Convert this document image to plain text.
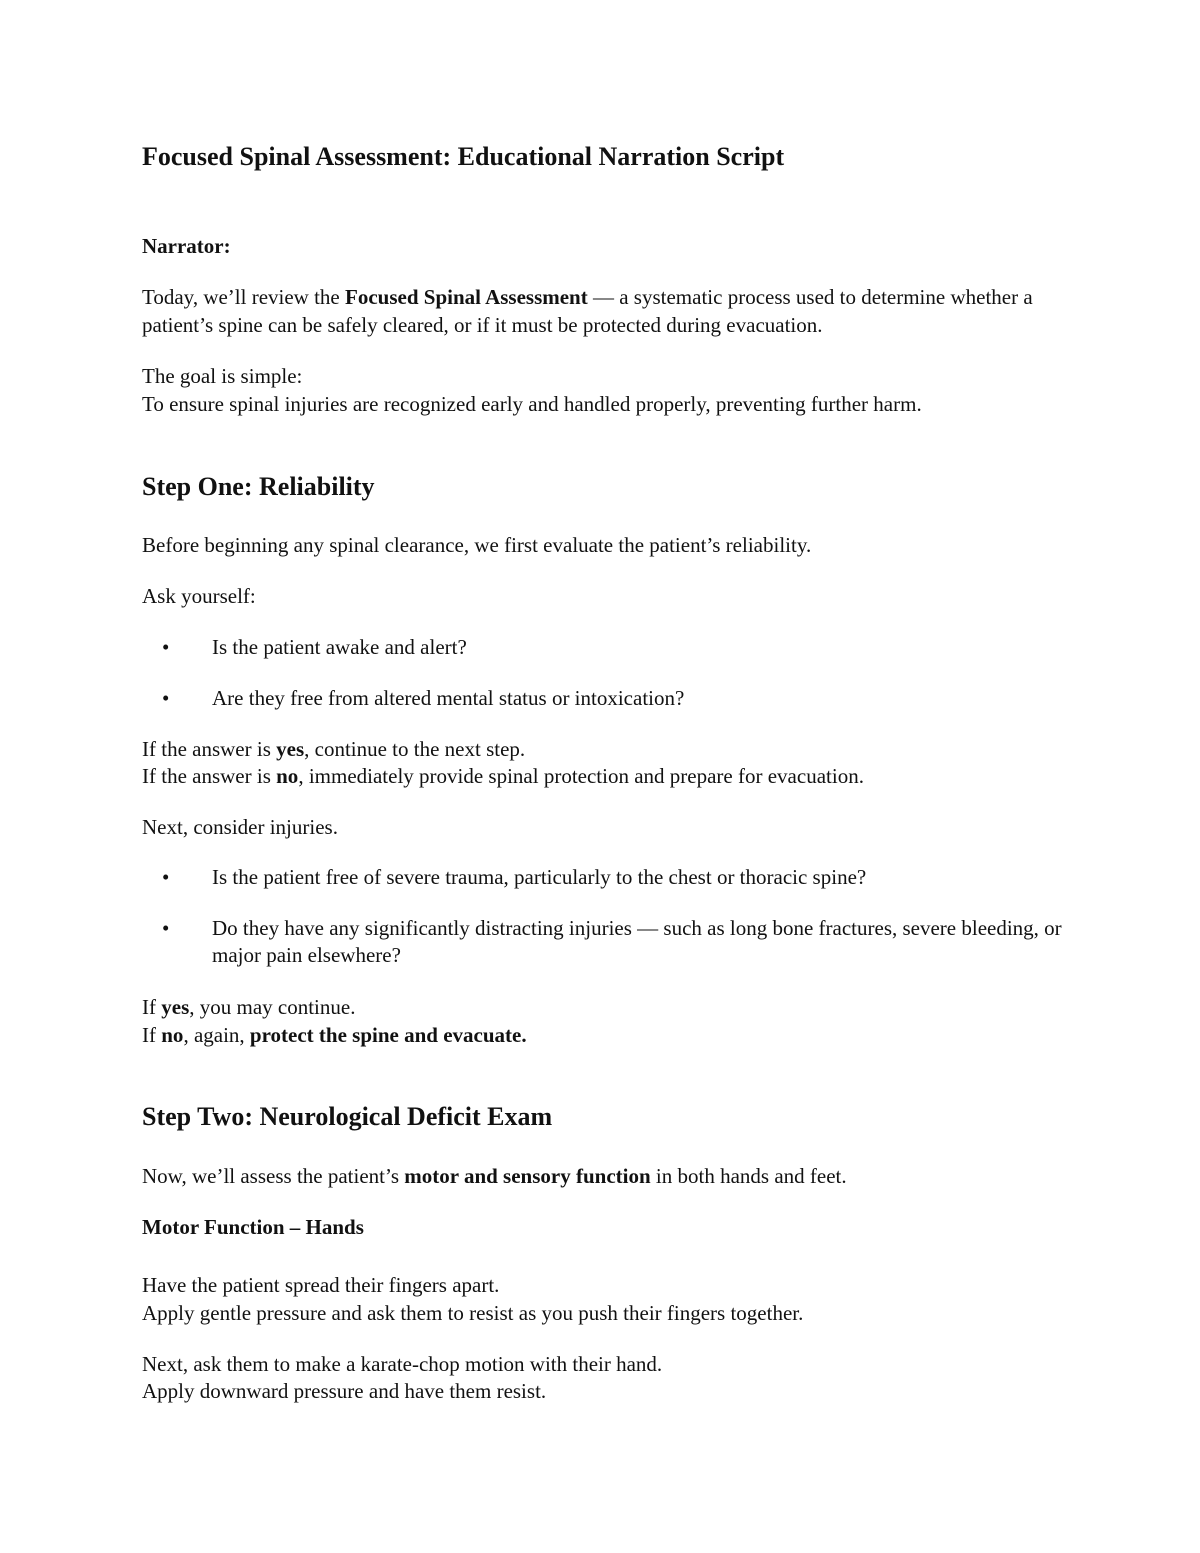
Focused Spinal Assessment: Educational Narration Script

Narrator:

Today, we’ll review the Focused Spinal Assessment — a systematic process used to determine whether a patient’s spine can be safely cleared, or if it must be protected during evacuation.

The goal is simple:

To ensure spinal injuries are recognized early and handled properly, preventing further harm.

Step One: Reliability

Before beginning any spinal clearance, we first evaluate the patient’s reliability.

Ask yourself:

• Is the patient awake and alert?
• Are they free from altered mental status or intoxication?

If the answer is yes, continue to the next step.

If the answer is no, immediately provide spinal protection and prepare for evacuation.

Next, consider injuries.

• Is the patient free of severe trauma, particularly to the chest or thoracic spine?
• Do they have any significantly distracting injuries — such as long bone fractures, severe bleeding, or major pain elsewhere?

If yes, you may continue.

If no, again, protect the spine and evacuate.

Step Two: Neurological Deficit Exam

Now, we’ll assess the patient’s motor and sensory function in both hands and feet.

Motor Function – Hands

Have the patient spread their fingers apart.

Apply gentle pressure and ask them to resist as you push their fingers together.

Next, ask them to make a karate-chop motion with their hand.

Apply downward pressure and have them resist.
